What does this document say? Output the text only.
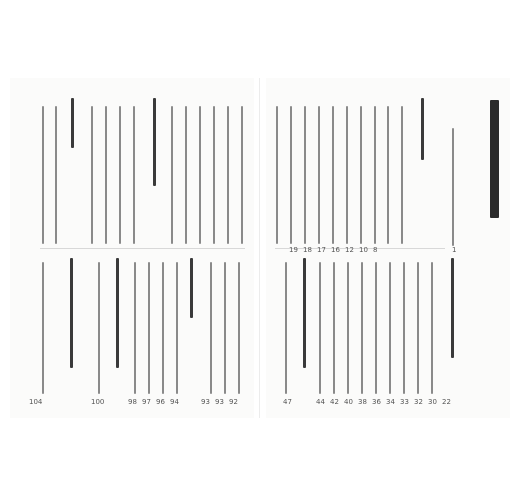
1
47	44 42 40 38 36 34 33 32 30 22
19 18 17 16 12 10 8
104	100	98 97 96 94	93 93 92
